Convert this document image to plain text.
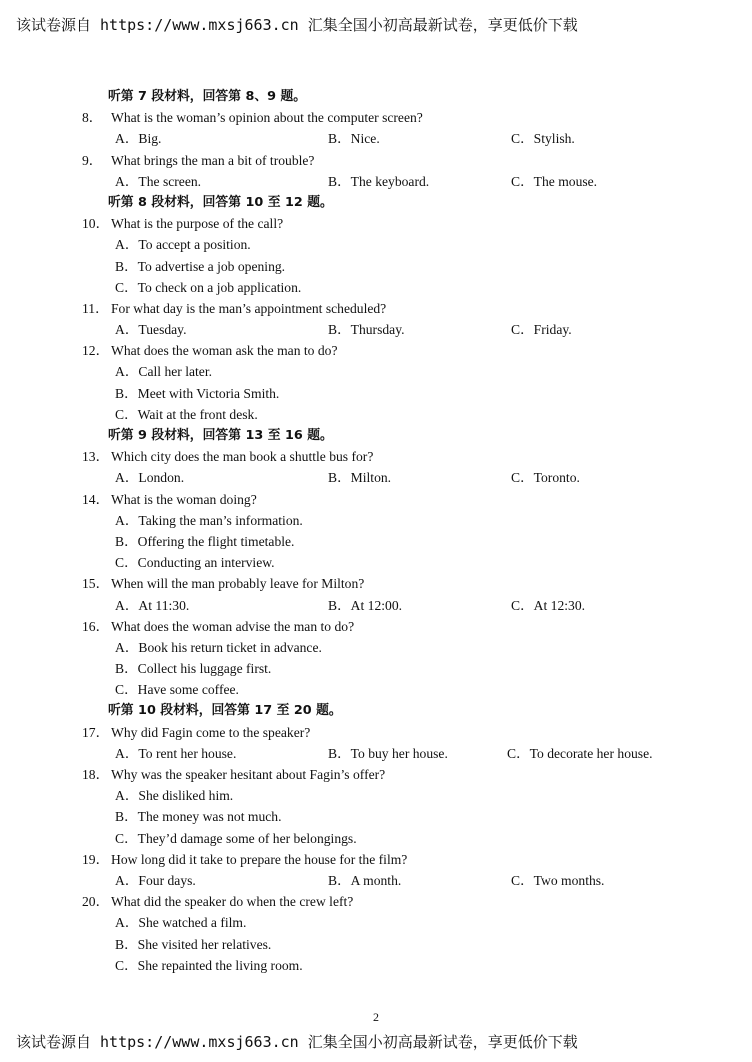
该试卷源自 https://www.mxsj663.cn 汇集全国小初高最新试卷，享更低价下载
听第 7 段材料，回答第 8、9 题。
8． What is the woman’s opinion about the computer screen?
A．Big.	B．Nice.	C．Stylish.
9． What brings the man a bit of trouble?
A．The screen.	B．The keyboard.	C．The mouse.
听第 8 段材料，回答第 10 至 12 题。
10． What is the purpose of the call?
A．To accept a position.
B．To advertise a job opening.
C．To check on a job application.
11． For what day is the man’s appointment scheduled?
A．Tuesday.	B．Thursday.	C．Friday.
12． What does the woman ask the man to do?
A．Call her later.
B．Meet with Victoria Smith.
C．Wait at the front desk.
听第 9 段材料，回答第 13 至 16 题。
13． Which city does the man book a shuttle bus for?
A．London.	B．Milton.	C．Toronto.
14． What is the woman doing?
A．Taking the man’s information.
B．Offering the flight timetable.
C．Conducting an interview.
15． When will the man probably leave for Milton?
A．At 11:30.	B．At 12:00.	C．At 12:30.
16． What does the woman advise the man to do?
A．Book his return ticket in advance.
B．Collect his luggage first.
C．Have some coffee.
听第 10 段材料，回答第 17 至 20 题。
17． Why did Fagin come to the speaker?
A．To rent her house.	B．To buy her house.	C．To decorate her house.
18． Why was the speaker hesitant about Fagin’s offer?
A．She disliked him.
B．The money was not much.
C．They’d damage some of her belongings.
19． How long did it take to prepare the house for the film?
A．Four days.	B．A month.	C．Two months.
20． What did the speaker do when the crew left?
A．She watched a film.
B．She visited her relatives.
C．She repainted the living room.
2
该试卷源自 https://www.mxsj663.cn 汇集全国小初高最新试卷，享更低价下载
